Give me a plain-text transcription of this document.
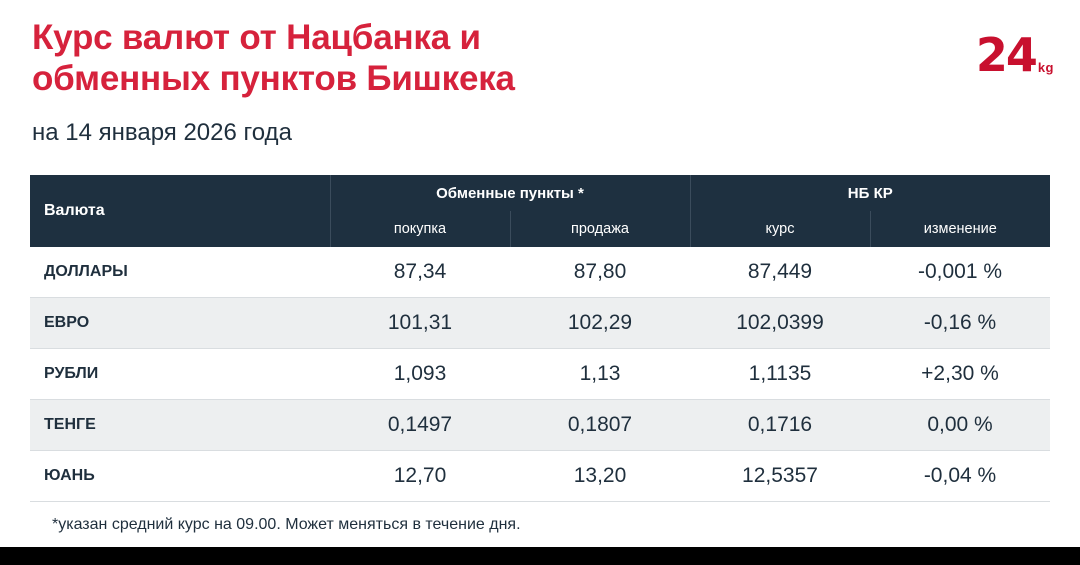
Курс валют от Нацбанка и
обменных пунктов Бишкека
на 14 января 2026 года
24 kg
Валюта	Обменные пункты *		НБ КР	
	покупка	продажа	курс	изменение
ДОЛЛАРЫ	87,34	87,80	87,449	-0,001 %
ЕВРО	101,31	102,29	102,0399	-0,16 %
РУБЛИ	1,093	1,13	1,1135	+2,30 %
ТЕНГЕ	0,1497	0,1807	0,1716	0,00 %
ЮАНЬ	12,70	13,20	12,5357	-0,04 %
*указан средний курс на 09.00. Может меняться в течение дня.
